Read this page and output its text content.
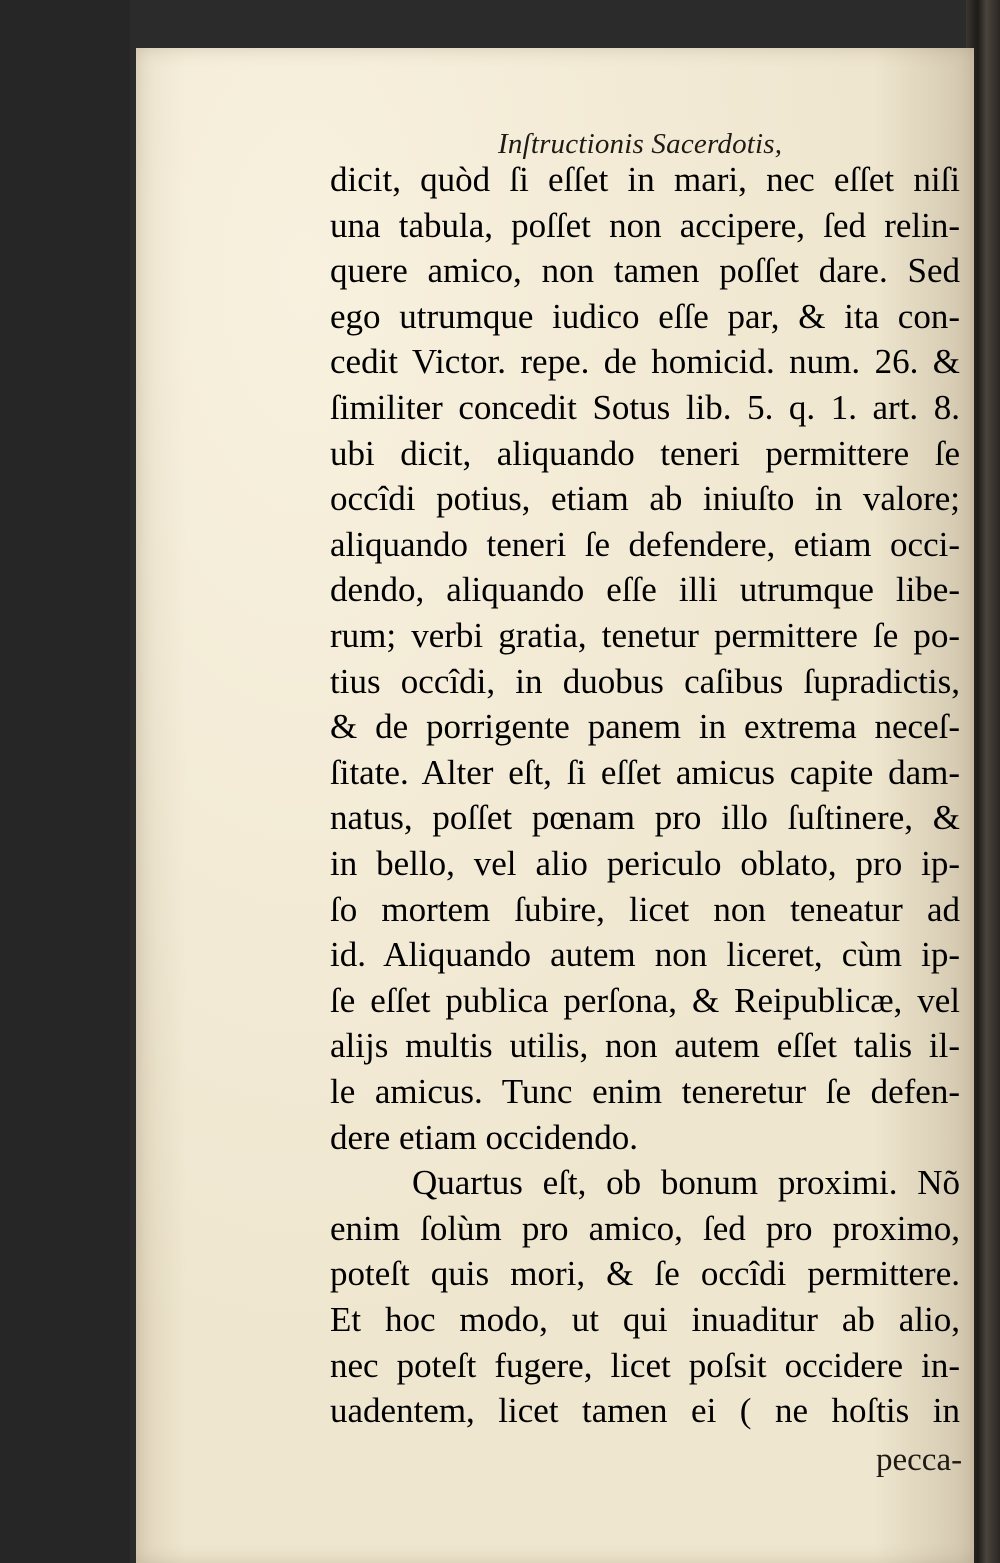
Inſtructionis Sacerdotis,
dicit, quòd ſi eſſet in mari, nec eſſet niſi
una tabula, poſſet non accipere, ſed relin-
quere amico, non tamen poſſet dare. Sed
ego utrumque iudico eſſe par, & ita con-
cedit Victor. repe. de homicid. num. 26. &
ſimiliter concedit Sotus lib. 5. q. 1. art. 8.
ubi dicit, aliquando teneri permittere ſe
occîdi potius, etiam ab iniuſto in valore;
aliquando teneri ſe defendere, etiam occi-
dendo, aliquando eſſe illi utrumque libe-
rum; verbi gratia, tenetur permittere ſe po-
tius occîdi, in duobus caſibus ſupradictis,
& de porrigente panem in extrema neceſ-
ſitate. Alter eſt, ſi eſſet amicus capite dam-
natus, poſſet pœnam pro illo ſuſtinere, &
in bello, vel alio periculo oblato, pro ip-
ſo mortem ſubire, licet non teneatur ad
id. Aliquando autem non liceret, cùm ip-
ſe eſſet publica perſona, & Reipublicæ, vel
alijs multis utilis, non autem eſſet talis il-
le amicus. Tunc enim teneretur ſe defen-
dere etiam occidendo.
Quartus eſt, ob bonum proximi. Nõ
enim ſolùm pro amico, ſed pro proximo,
poteſt quis mori, & ſe occîdi permittere.
Et hoc modo, ut qui inuaditur ab alio,
nec poteſt fugere, licet poſsit occidere in-
uadentem, licet tamen ei ( ne hoſtis in
pecca-
